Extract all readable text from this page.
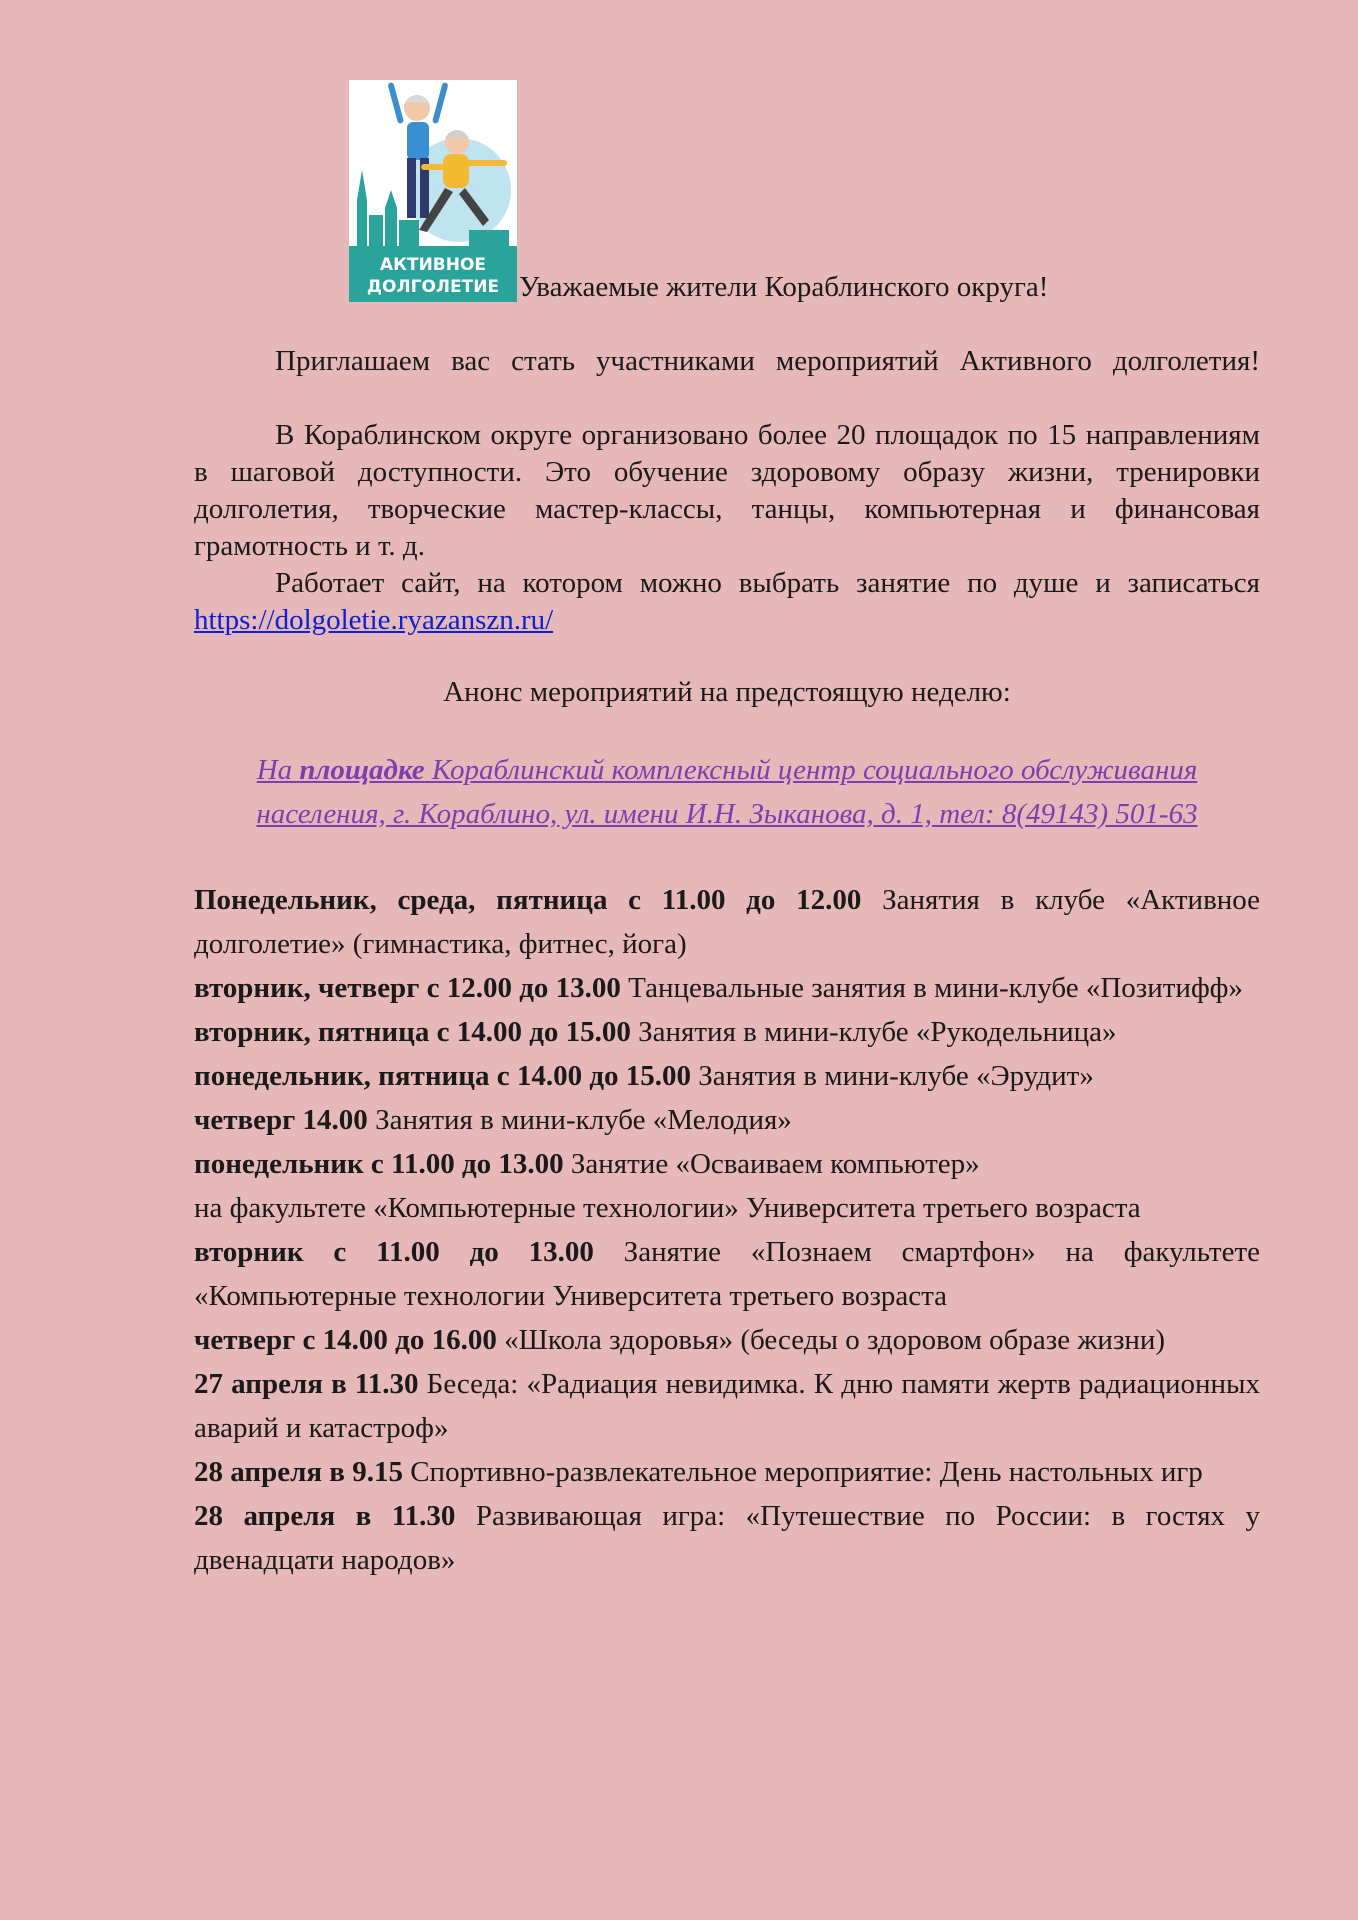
АКТИВНОЕ
ДОЛГОЛЕТИЕ Уважаемые жители Кораблинского округа!

Приглашаем вас стать участниками мероприятий Активного долголетия!

В Кораблинском округе организовано более 20 площадок по 15 направлениям в шаговой доступности. Это обучение здоровому образу жизни, тренировки долголетия, творческие мастер-классы, танцы, компьютерная и финансовая грамотность и т. д.

Работает сайт, на котором можно выбрать занятие по душе и записаться https://dolgoletie.ryazanszn.ru/

Анонс мероприятий на предстоящую неделю:
На площадке Кораблинский комплексный центр социального обслуживания населения, г. Кораблино, ул. имени И.Н. Зыканова, д. 1, тел: 8(49143) 501-63

Понедельник, среда, пятница с 11.00 до 12.00 Занятия в клубе «Активное долголетие» (гимнастика, фитнес, йога)

вторник, четверг с 12.00 до 13.00 Танцевальные занятия в мини-клубе «Позитифф»

вторник, пятница с 14.00 до 15.00 Занятия в мини-клубе «Рукодельница»

понедельник, пятница с 14.00 до 15.00 Занятия в мини-клубе «Эрудит»

четверг 14.00 Занятия в мини-клубе «Мелодия»

понедельник с 11.00 до 13.00 Занятие «Осваиваем компьютер»

на факультете «Компьютерные технологии» Университета третьего возраста

вторник с 11.00 до 13.00 Занятие «Познаем смартфон» на факультете «Компьютерные технологии Университета третьего возраста

четверг с 14.00 до 16.00 «Школа здоровья» (беседы о здоровом образе жизни)

27 апреля в 11.30 Беседа: «Радиация невидимка. К дню памяти жертв радиационных аварий и катастроф»

28 апреля в 9.15 Спортивно-развлекательное мероприятие: День настольных игр

28 апреля в 11.30 Развивающая игра: «Путешествие по России: в гостях у двенадцати народов»
